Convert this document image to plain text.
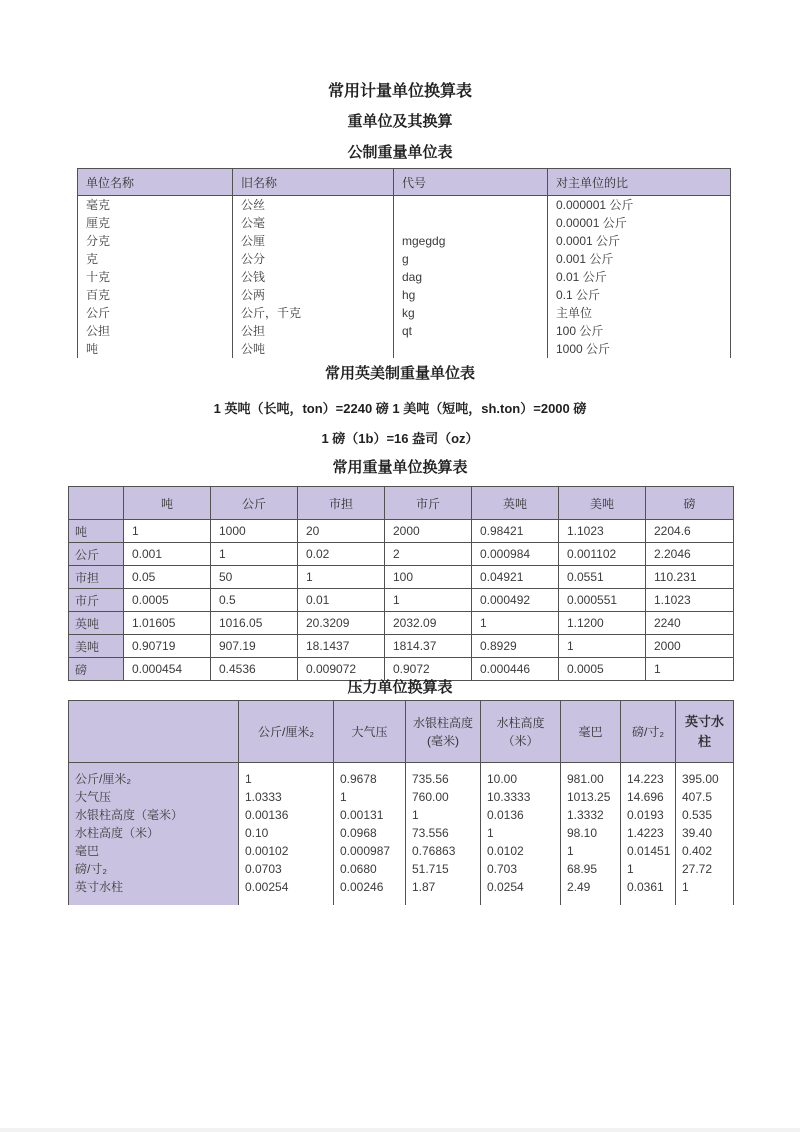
常用计量单位换算表
重单位及其换算
公制重量单位表
单位名称	旧名称	代号	对主单位的比
毫克	公丝		0.000001 公斤
厘克	公毫		0.00001 公斤
分克	公厘	mgegdg	0.0001 公斤
克	公分	g	0.001 公斤
十克	公钱	dag	0.01 公斤
百克	公两	hg	0.1 公斤
公斤	公斤，千克	kg	主单位
公担	公担	qt	100 公斤
吨	公吨		1000 公斤
常用英美制重量单位表
1 英吨（长吨，ton）=2240 磅 1 美吨（短吨，sh.ton）=2000 磅
1 磅（1b）=16 盎司（oz）
常用重量单位换算表
	吨	公斤	市担	市斤	英吨	美吨	磅
吨	1	1000	20	2000	0.98421	1.1023	2204.6
公斤	0.001	1	0.02	2	0.000984	0.001102	2.2046
市担	0.05	50	1	100	0.04921	0.0551	110.231
市斤	0.0005	0.5	0.01	1	0.000492	0.000551	1.1023
英吨	1.01605	1016.05	20.3209	2032.09	1	1.1200	2240
美吨	0.90719	907.19	18.1437	1814.37	0.8929	1	2000
磅	0.000454	0.4536	0.009072	0.9072	0.000446	0.0005	1
压力单位换算表
	公斤/厘米₂	大气压	水银柱高度(毫米)	水柱高度（米）	毫巴	磅/寸₂	英寸水柱
公斤/厘米₂	1	0.9678	735.56	10.00	981.00	14.223	395.00
大气压	1.0333	1	760.00	10.3333	1013.25	14.696	407.5
水银柱高度（毫米）	0.00136	0.00131	1	0.0136	1.3332	0.0193	0.535
水柱高度（米）	0.10	0.0968	73.556	1	98.10	1.4223	39.40
毫巴	0.00102	0.000987	0.76863	0.0102	1	0.01451	0.402
磅/寸₂	0.0703	0.0680	51.715	0.703	68.95	1	27.72
英寸水柱	0.00254	0.00246	1.87	0.0254	2.49	0.0361	1
